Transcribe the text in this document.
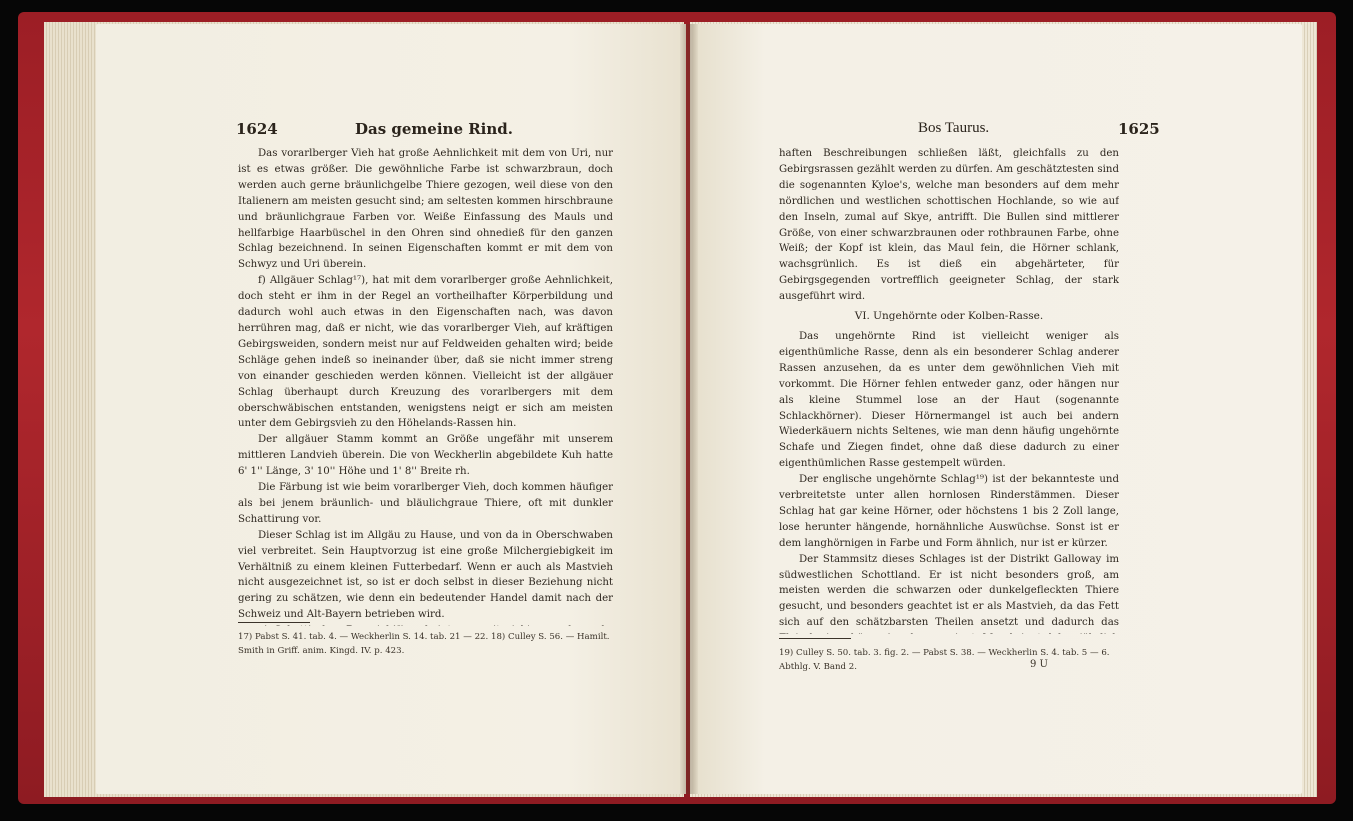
1624	Das gemeine Rind.	Bos Taurus.	1625

Das vorarlberger Vieh hat große Aehnlichkeit mit dem von Uri, nur ist es etwas größer. Die gewöhnliche Farbe ist schwarzbraun, doch werden auch gerne bräunlichgelbe Thiere gezogen, weil diese von den Italienern am meisten gesucht sind; am seltesten kommen hirschbraune und bräunlichgraue Farben vor. Weiße Einfassung des Mauls und hellfarbige Haarbüschel in den Ohren sind ohnedieß für den ganzen Schlag bezeichnend. In seinen Eigenschaften kommt er mit dem von Schwyz und Uri überein.

f) Allgäuer Schlag¹⁷), hat mit dem vorarlberger große Aehnlichkeit, doch steht er ihm in der Regel an vortheilhafter Körperbildung und dadurch wohl auch etwas in den Eigenschaften nach, was davon herrühren mag, daß er nicht, wie das vorarlberger Vieh, auf kräftigen Gebirgsweiden, sondern meist nur auf Feldweiden gehalten wird; beide Schläge gehen indeß so ineinander über, daß sie nicht immer streng von einander geschieden werden können. Vielleicht ist der allgäuer Schlag überhaupt durch Kreuzung des vorarlbergers mit dem oberschwäbischen entstanden, wenigstens neigt er sich am meisten unter dem Gebirgsvieh zu den Höhelands-Rassen hin.

Der allgäuer Stamm kommt an Größe ungefähr mit unserem mittleren Landvieh überein. Die von Weckherlin abgebildete Kuh hatte 6' 1'' Länge, 3' 10'' Höhe und 1' 8'' Breite rh.

Die Färbung ist wie beim vorarlberger Vieh, doch kommen häufiger als bei jenem bräunlich- und bläulichgraue Thiere, oft mit dunkler Schattirung vor.

Dieser Schlag ist im Allgäu zu Hause, und von da in Oberschwaben viel verbreitet. Sein Hauptvorzug ist eine große Milchergiebigkeit im Verhältniß zu einem kleinen Futterbedarf. Wenn er auch als Mastvieh nicht ausgezeichnet ist, so ist er doch selbst in dieser Beziehung nicht gering zu schätzen, wie denn ein bedeutender Handel damit nach der Schweiz und Alt-Bayern betrieben wird.

17) Pabst S. 41. tab. 4. — Weckherlin S. 14. tab. 21 — 22. 18) Culley S. 56. — Hamilt. Smith in Griff. anim. Kingd. IV. p. 423.

haften Beschreibungen schließen läßt, gleichfalls zu den Gebirgsrassen gezählt werden zu dürfen. Am geschätztesten sind die sogenannten Kyloe's, welche man besonders auf dem mehr nördlichen und westlichen schottischen Hochlande, so wie auf den Inseln, zumal auf Skye, antrifft. Die Bullen sind mittlerer Größe, von einer schwarzbraunen oder rothbraunen Farbe, ohne Weiß; der Kopf ist klein, das Maul fein, die Hörner schlank, wachsgrünlich. Es ist dieß ein abgehärteter, für Gebirgsgegenden vortrefflich geeigneter Schlag, der stark ausgeführt wird.

VI. Ungehörnte oder Kolben-Rasse.

Das ungehörnte Rind ist vielleicht weniger als eigenthümliche Rasse, denn als ein besonderer Schlag anderer Rassen anzusehen, da es unter dem gewöhnlichen Vieh mit vorkommt. Die Hörner fehlen entweder ganz, oder hängen nur als kleine Stummel lose an der Haut (sogenannte Schlackhörner). Dieser Hörnermangel ist auch bei andern Wiederkäuern nichts Seltenes, wie man denn häufig ungehörnte Schafe und Ziegen findet, ohne daß diese dadurch zu einer eigenthümlichen Rasse gestempelt würden.

Der englische ungehörnte Schlag¹⁹) ist der bekannteste und verbreitetste unter allen hornlosen Rinderstämmen. Dieser Schlag hat gar keine Hörner, oder höchstens 1 bis 2 Zoll lange, lose herunter hängende, hornähnliche Auswüchse. Sonst ist er dem langhörnigen in Farbe und Form ähnlich, nur ist er kürzer.

Der Stammsitz dieses Schlages ist der Distrikt Galloway im südwestlichen Schottland. Er ist nicht besonders groß, am meisten werden die schwarzen oder dunkelgefleckten Thiere gesucht, und besonders geachtet ist er als Mastvieh, da das Fett sich auf den schätzbarsten Theilen ansetzt und dadurch das

19) Culley S. 50. tab. 3. fig. 2. — Pabst S. 38. — Weckherlin S. 4. tab. 5 — 6.
Abthlg. V. Band 2.	9 U
